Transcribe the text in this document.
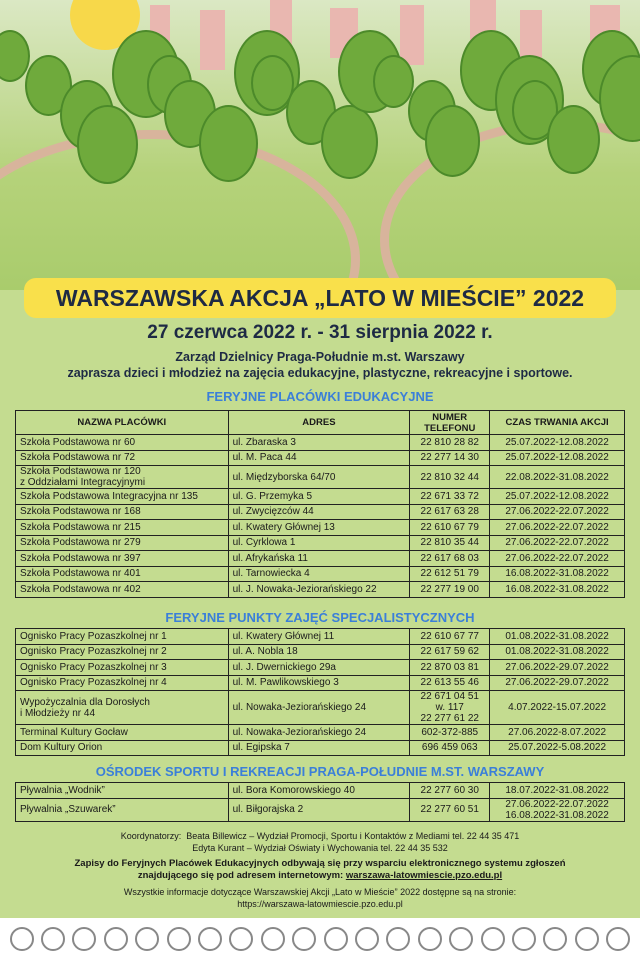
WARSZAWSKA AKCJA „LATO W MIEŚCIE” 2022
27 czerwca 2022 r. - 31 sierpnia 2022 r.
Zarząd Dzielnicy Praga-Południe m.st. Warszawy
zaprasza dzieci i młodzież na zajęcia edukacyjne, plastyczne, rekreacyjne i sportowe.
FERYJNE PLACÓWKI EDUKACYJNE
NAZWA PLACÓWKI	ADRES	NUMER TELEFONU	CZAS TRWANIA AKCJI
Szkoła Podstawowa nr 60	ul. Zbaraska 3	22 810 28 82	25.07.2022-12.08.2022
Szkoła Podstawowa nr 72	ul. M. Paca 44	22 277 14 30	25.07.2022-12.08.2022
Szkoła Podstawowa nr 120
z Oddziałami Integracyjnymi	ul. Międzyborska 64/70	22 810 32 44	22.08.2022-31.08.2022
Szkoła Podstawowa Integracyjna nr 135	ul. G. Przemyka 5	22 671 33 72	25.07.2022-12.08.2022
Szkoła Podstawowa nr 168	ul. Zwycięzców 44	22 617 63 28	27.06.2022-22.07.2022
Szkoła Podstawowa nr 215	ul. Kwatery Głównej 13	22 610 67 79	27.06.2022-22.07.2022
Szkoła Podstawowa nr 279	ul. Cyrklowa 1	22 810 35 44	27.06.2022-22.07.2022
Szkoła Podstawowa nr 397	ul. Afrykańska 11	22 617 68 03	27.06.2022-22.07.2022
Szkoła Podstawowa nr 401	ul. Tarnowiecka 4	22 612 51 79	16.08.2022-31.08.2022
Szkoła Podstawowa nr 402	ul. J. Nowaka-Jeziorańskiego 22	22 277 19 00	16.08.2022-31.08.2022
FERYJNE PUNKTY ZAJĘĆ SPECJALISTYCZNYCH
Ognisko Pracy Pozaszkolnej nr 1	ul. Kwatery Głównej 11	22 610 67 77	01.08.2022-31.08.2022
Ognisko Pracy Pozaszkolnej nr 2	ul. A. Nobla 18	22 617 59 62	01.08.2022-31.08.2022
Ognisko Pracy Pozaszkolnej nr 3	ul. J. Dwernickiego 29a	22 870 03 81	27.06.2022-29.07.2022
Ognisko Pracy Pozaszkolnej nr 4	ul. M. Pawlikowskiego 3	22 613 55 46	27.06.2022-29.07.2022
Wypożyczalnia dla Dorosłych
i Młodzieży nr 44	ul. Nowaka-Jeziorańskiego 24	22 671 04 51
w. 117
22 277 61 22	4.07.2022-15.07.2022
Terminal Kultury Gocław	ul. Nowaka-Jeziorańskiego 24	602-372-885	27.06.2022-8.07.2022
Dom Kultury Orion	ul. Egipska 7	696 459 063	25.07.2022-5.08.2022
OŚRODEK SPORTU I REKREACJI PRAGA-POŁUDNIE M.ST. WARSZAWY
Pływalnia „Wodnik”	ul. Bora Komorowskiego 40	22 277 60 30	18.07.2022-31.08.2022
Pływalnia „Szuwarek”	ul. Biłgorajska 2	22 277 60 51	27.06.2022-22.07.2022
16.08.2022-31.08.2022
Koordynatorzy: Beata Billewicz – Wydział Promocji, Sportu i Kontaktów z Mediami tel. 22 44 35 471
Edyta Kurant – Wydział Oświaty i Wychowania tel. 22 44 35 532
Zapisy do Feryjnych Placówek Edukacyjnych odbywają się przy wsparciu elektronicznego systemu zgłoszeń znajdującego się pod adresem internetowym: warszawa-latowmiescie.pzo.edu.pl
Wszystkie informacje dotyczące Warszawskiej Akcji „Lato w Mieście” 2022 dostępne są na stronie:
https://warszawa-latowmiescie.pzo.edu.pl
